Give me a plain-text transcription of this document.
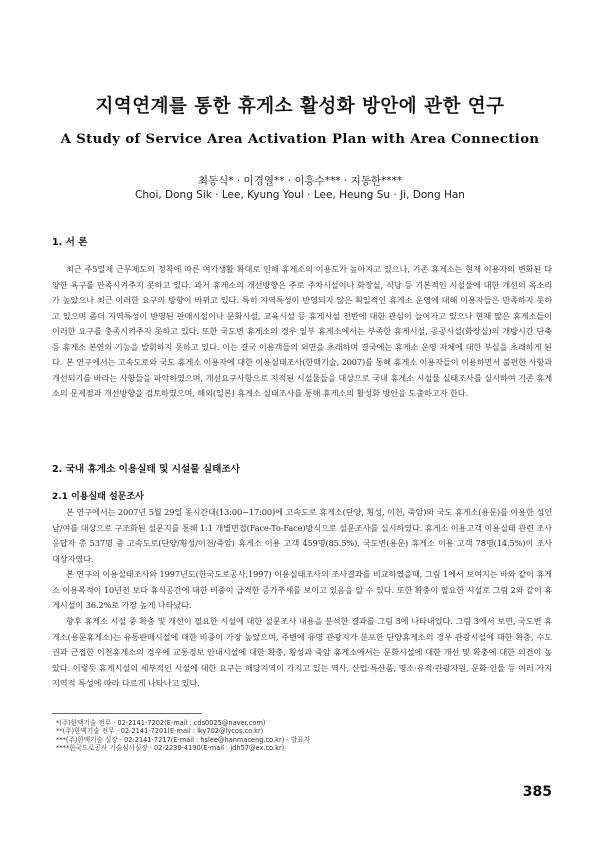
지역연계를 통한 휴게소 활성화 방안에 관한 연구
A Study of Service Area Activation Plan with Area Connection
최동식* · 이경열** · 이흥수*** · 지동한****
Choi, Dong Sik · Lee, Kyung Youl · Lee, Heung Su · Ji, Dong Han
1. 서 론

최근 주5일제 근무제도의 정착에 따른 여가생활 확대로 인해 휴게소의 이용도가 높아지고 있으나, 기존 휴게소는 현재 이용자의 변화된 다양한 욕구를 만족시켜주지 못하고 있다. 과거 휴게소의 개선방향은 주로 주차시설이나 화장실, 식당 등 기본적인 시설물에 대한 개선의 목소리가 높았으나 최근 이러한 요구의 방향이 바뀌고 있다. 특히 지역특성이 반영되지 않은 획일적인 휴게소 운영에 대해 이용자들은 만족하지 못하고 있으며 좀더 지역특성이 반영된 판매시설이나 문화시설, 교육시설 등 휴게시설 전반에 대한 관심이 늘어가고 있으나 현재 많은 휴게소들이 이러한 요구를 충족시켜주지 못하고 있다. 또한 국도변 휴게소의 경우 일부 휴게소에서는 부족한 휴게시설, 공공시설(화장실)의 개방시간 단축 등 휴게소 본연의 기능을 발휘하지 못하고 있다. 이는 결국 이용객들의 외면을 초래하며 결국에는 휴게소 운영 자체에 대한 부실을 초래하게 된다. 본 연구에서는 고속도로와 국도 휴게소 이용자에 대한 이용실태조사(한맥기술, 2007)를 통해 휴게소 이용자들이 이용하면서 불편한 사항과 개선되기를 바라는 사항들을 파악하였으며, 개선요구사항으로 지적된 시설물들을 대상으로 국내 휴게소 시설물 실태조사를 실시하여 기존 휴게소의 문제점과 개선방향을 검토하였으며, 해외(일본) 휴게소 실태조사를 통해 휴게소의 활성화 방안을 도출하고자 한다.

2. 국내 휴게소 이용실태 및 시설물 실태조사
2.1 이용실태 설문조사

본 연구에서는 2007년 5월 29일 동시간대(13:00~17:00)에 고속도로 휴게소(단양, 횡성, 이천, 죽암)와 국도 휴게소(용문)를 이용한 성인 남/여를 대상으로 구조화된 설문지를 통해 1:1 개별면접(Face-To-Face)방식으로 설문조사를 실시하였다. 휴게소 이용고객 이용실태 관련 조사 응답자 총 537명 중 고속도로(단양/횡성/이천/죽암) 휴게소 이용 고객 459명(85.5%), 국도변(용문) 휴게소 이용 고객 78명(14.5%)이 조사 대상자였다.

본 연구의 이용실태조사와 1997년도(한국도로공사,1997) 이용실태조사의 조사결과를 비교하였을때, 그림 1에서 보여지는 바와 같이 휴게소 이용목적이 10년전 보다 휴식공간에 대한 비중이 급격한 증가추세를 보이고 있음을 알 수 있다. 또한 확충이 필요한 시설로 그림 2와 같이 휴게시설이 36.2%로 가장 높게 나타났다.

향후 휴게소 시설 중 확충 및 개선이 필요한 시설에 대한 설문조사 내용을 분석한 결과를 그림 3에 나타내었다. 그림 3에서 보면, 국도변 휴게소(용문휴게소)는 유통판매시설에 대한 비중이 가장 높았으며, 주변에 유명 관광지가 분포한 단양휴게소의 경우 관광시설에 대한 확충, 수도권과 근접한 이천휴게소의 경우에 교통정보 안내시설에 대한 확충, 횡성과 죽암 휴게소에서는 문화시설에 대한 개선 및 확충에 대한 의견이 높았다. 이렇듯 휴게시설의 세부적인 시설에 대한 요구는 해당지역이 가지고 있는 역사, 산업·특산품, 명소·유적·관광자원, 문화·인물 등 여러 가지 지역적 특성에 따라 다르게 나타나고 있다.

*(주)한맥기술 전무 · 02-2141-7202(E-mail : cds0025@naver.com)
**(주)한맥기술 전무 · 02-2141-7201(E-mail : lky702@lycos.co.kr)
***(주)한맥기술 실장 · 02-2141-7217(E-mail : hslee@hanmaceng.co.kr) - 발표자
****한국도로공사 기술심사실장 · 02-2230-4190(E-mail : jdh57@ex.co.kr)
385
